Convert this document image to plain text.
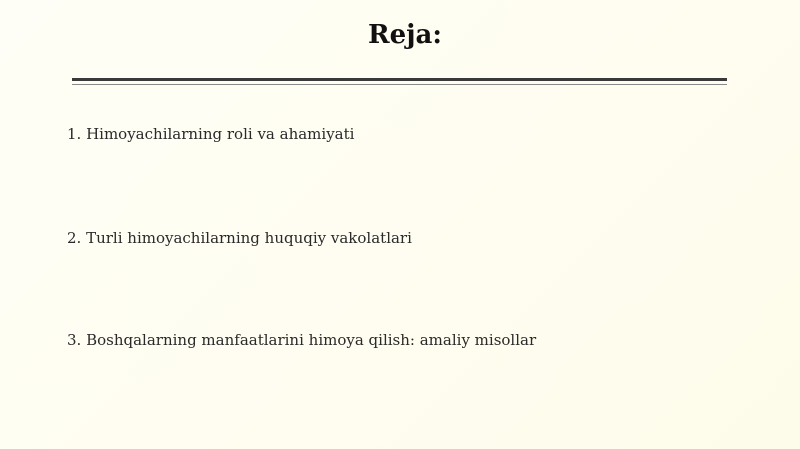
Reja:
1. Himoyachilarning roli va ahamiyati
2. Turli himoyachilarning huquqiy vakolatlari
3. Boshqalarning manfaatlarini himoya qilish: amaliy misollar
